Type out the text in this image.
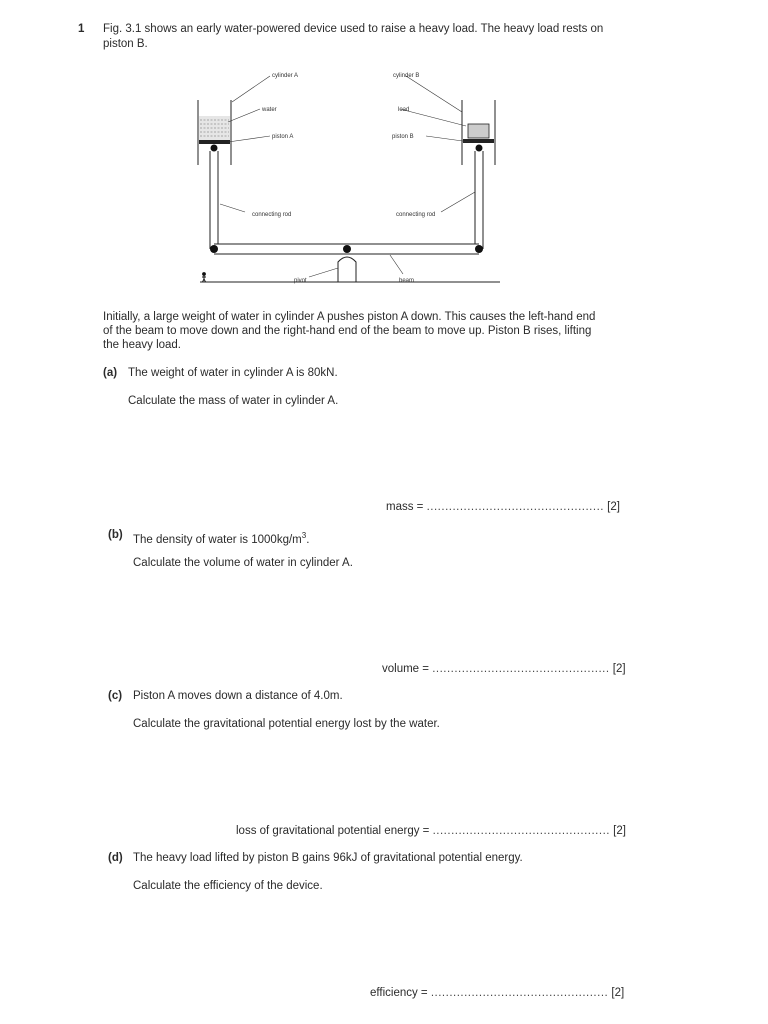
1 Fig. 3.1 shows an early water-powered device used to raise a heavy load. The heavy load rests on
piston B.
cylinder A	cylinder B
water	load
piston A	piston B
connecting rod	connecting rod
pivot	beam
Initially, a large weight of water in cylinder A pushes piston A down. This causes the left-hand end
of the beam to move down and the right-hand end of the beam to move up. Piston B rises, lifting
the heavy load.
(a) The weight of water in cylinder A is 80kN.
Calculate the mass of water in cylinder A.
mass = ................................................ [2]
(b) The density of water is $1000kg/m^3$.
Calculate the volume of water in cylinder A.
volume = ................................................ [2]
(c) Piston A moves down a distance of 4.0m.
Calculate the gravitational potential energy lost by the water.
loss of gravitational potential energy = ................................................ [2]
(d) The heavy load lifted by piston B gains 96kJ of gravitational potential energy.
Calculate the efficiency of the device.
efficiency = ................................................ [2]
